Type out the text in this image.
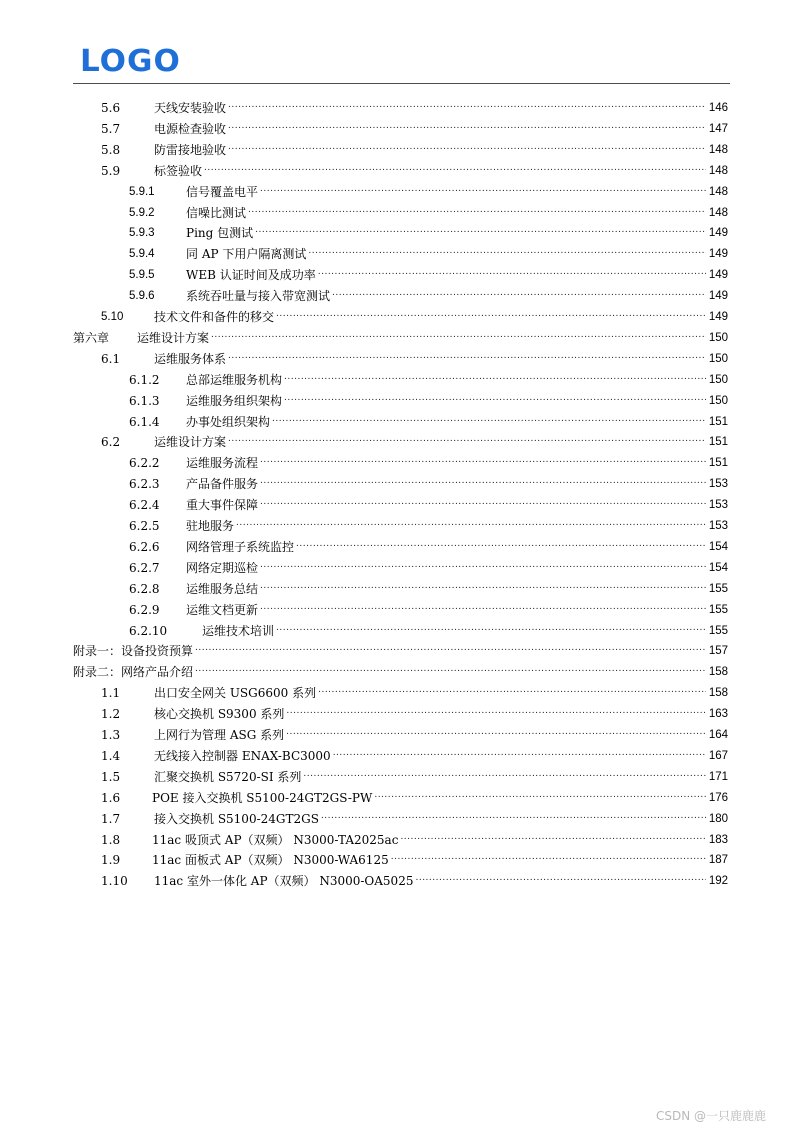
LOGO
5.6	天线安装验收 .....	146
5.7	电源检查验收 .....	147
5.8	防雷接地验收 .....	148
5.9	标签验收 .....	148
5.9.1	信号覆盖电平 .....	148
5.9.2	信噪比测试 .....	148
5.9.3	Ping 包测试 .....	149
5.9.4	同 AP 下用户隔离测试 .....	149
5.9.5	WEB 认证时间及成功率 .....	149
5.9.6	系统吞吐量与接入带宽测试 .....	149
5.10	技术文件和备件的移交 .....	149
第六章	运维设计方案 .....	150
6.1	运维服务体系 .....	150
6.1.2	总部运维服务机构 .....	150
6.1.3	运维服务组织架构 .....	150
6.1.4	办事处组织架构 .....	151
6.2	运维设计方案 .....	151
6.2.2	运维服务流程 .....	151
6.2.3	产品备件服务 .....	153
6.2.4	重大事件保障 .....	153
6.2.5	驻地服务 .....	153
6.2.6	网络管理子系统监控 .....	154
6.2.7	网络定期巡检 .....	154
6.2.8	运维服务总结 .....	155
6.2.9	运维文档更新 .....	155
6.2.10	运维技术培训 .....	155
附录一：设备投资预算 .....	157
附录二：网络产品介绍 .....	158
1.1	出口安全网关 USG6600 系列 .....	158
1.2	核心交换机 S9300 系列 .....	163
1.3	上网行为管理 ASG 系列 .....	164
1.4	无线接入控制器 ENAX-BC3000 .....	167
1.5	汇聚交换机 S5720-SI 系列 .....	171
1.6	POE 接入交换机 S5100-24GT2GS-PW .....	176
1.7	接入交换机 S5100-24GT2GS .....	180
1.8	11ac 吸顶式 AP（双频） N3000-TA2025ac .....	183
1.9	11ac 面板式 AP（双频） N3000-WA6125 .....	187
1.10	11ac 室外一体化 AP（双频） N3000-OA5025 .....	192
CSDN @一只鹿鹿鹿
